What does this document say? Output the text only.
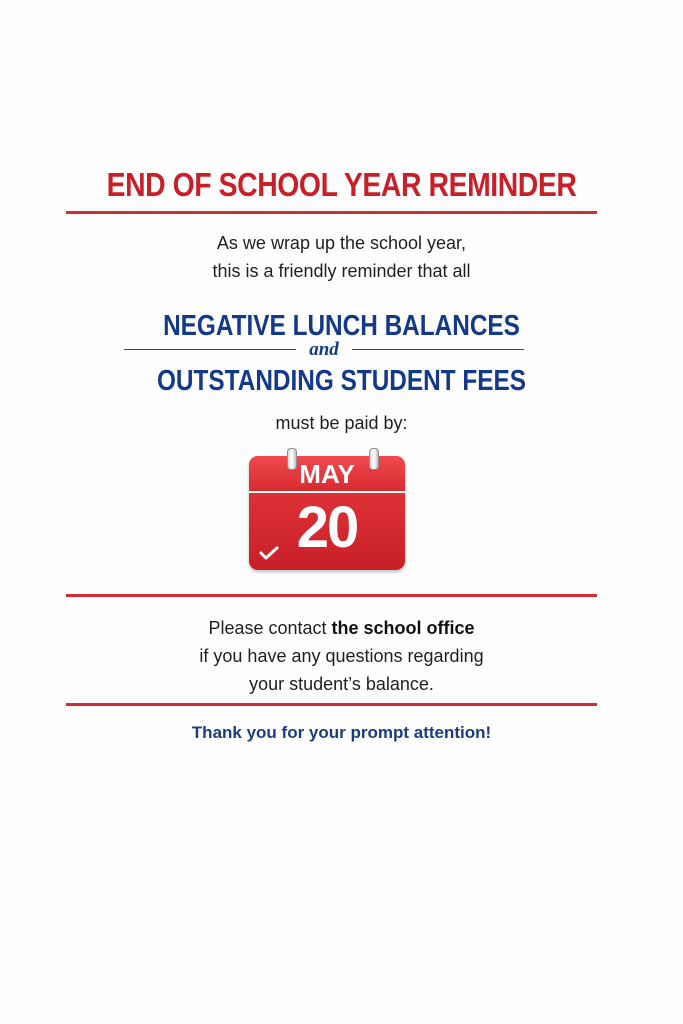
END OF SCHOOL YEAR REMINDER
As we wrap up the school year,
this is a friendly reminder that all
NEGATIVE LUNCH BALANCES
and
OUTSTANDING STUDENT FEES
must be paid by:
MAY
20
Please contact the school office
if you have any questions regarding
your student’s balance.
Thank you for your prompt attention!
